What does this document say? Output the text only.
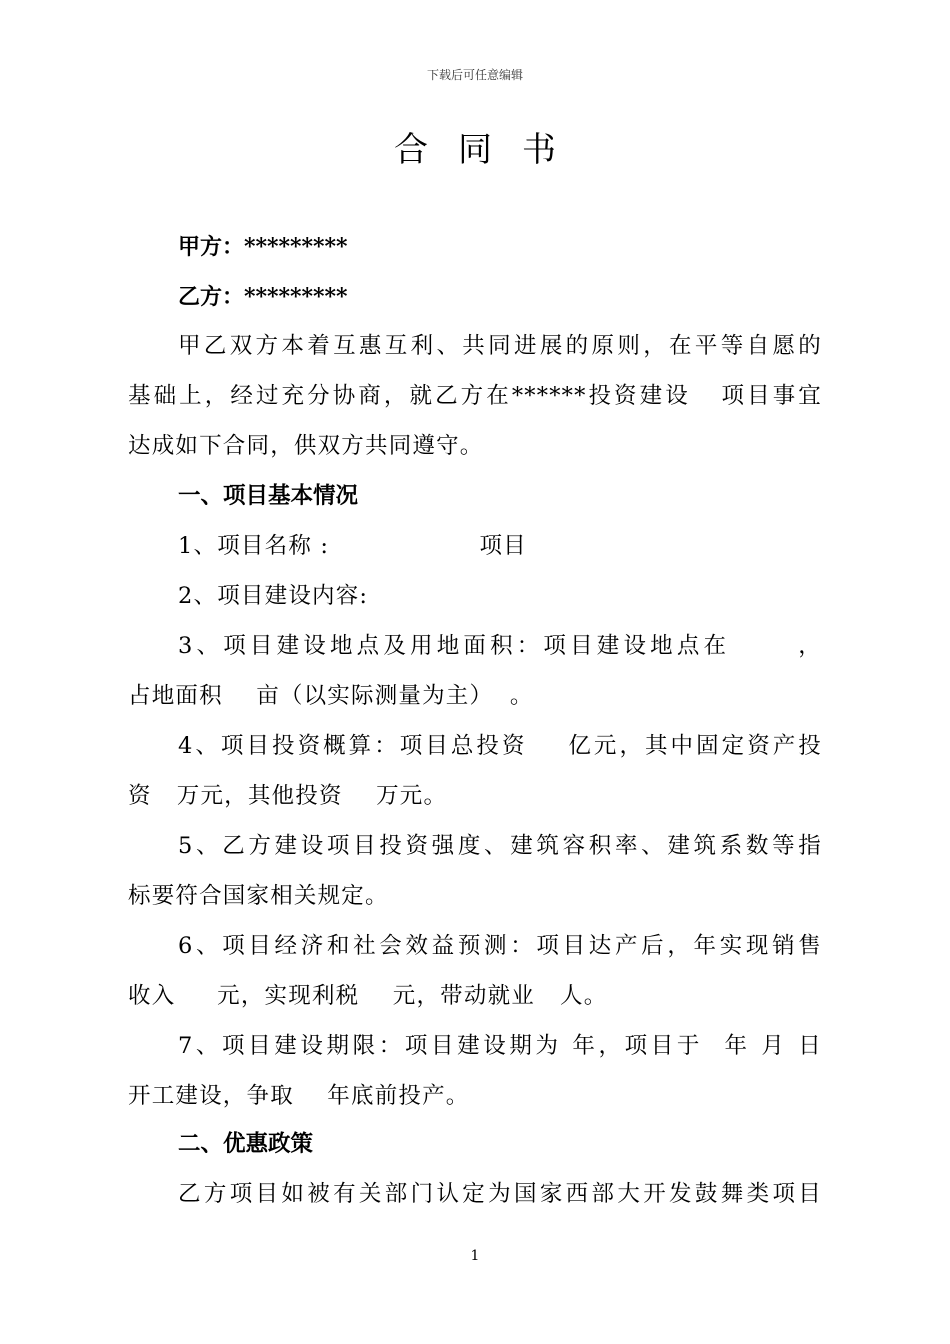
下载后可任意编辑
合同书
甲方：*********
乙方：*********
甲乙双方本着互惠互利、共同进展的原则，在平等自愿的
基础上，经过充分协商，就乙方在******投资建设   项目事宜
达成如下合同，供双方共同遵守。
一、项目基本情况
1、项目名称 :                  项目
2、项目建设内容:
3、项目建设地点及用地面积：项目建设地点在      ，
占地面积    亩（以实际测量为主）  。
4、项目投资概算：项目总投资    亿元，其中固定资产投
资   万元，其他投资    万元。
5、乙方建设项目投资强度、建筑容积率、建筑系数等指
标要符合国家相关规定。
6、项目经济和社会效益预测：项目达产后，年实现销售
收入     元，实现利税    元，带动就业   人。
7、项目建设期限：项目建设期为 年，项目于  年 月 日
开工建设，争取    年底前投产。
二、优惠政策
乙方项目如被有关部门认定为国家西部大开发鼓舞类项目
1
